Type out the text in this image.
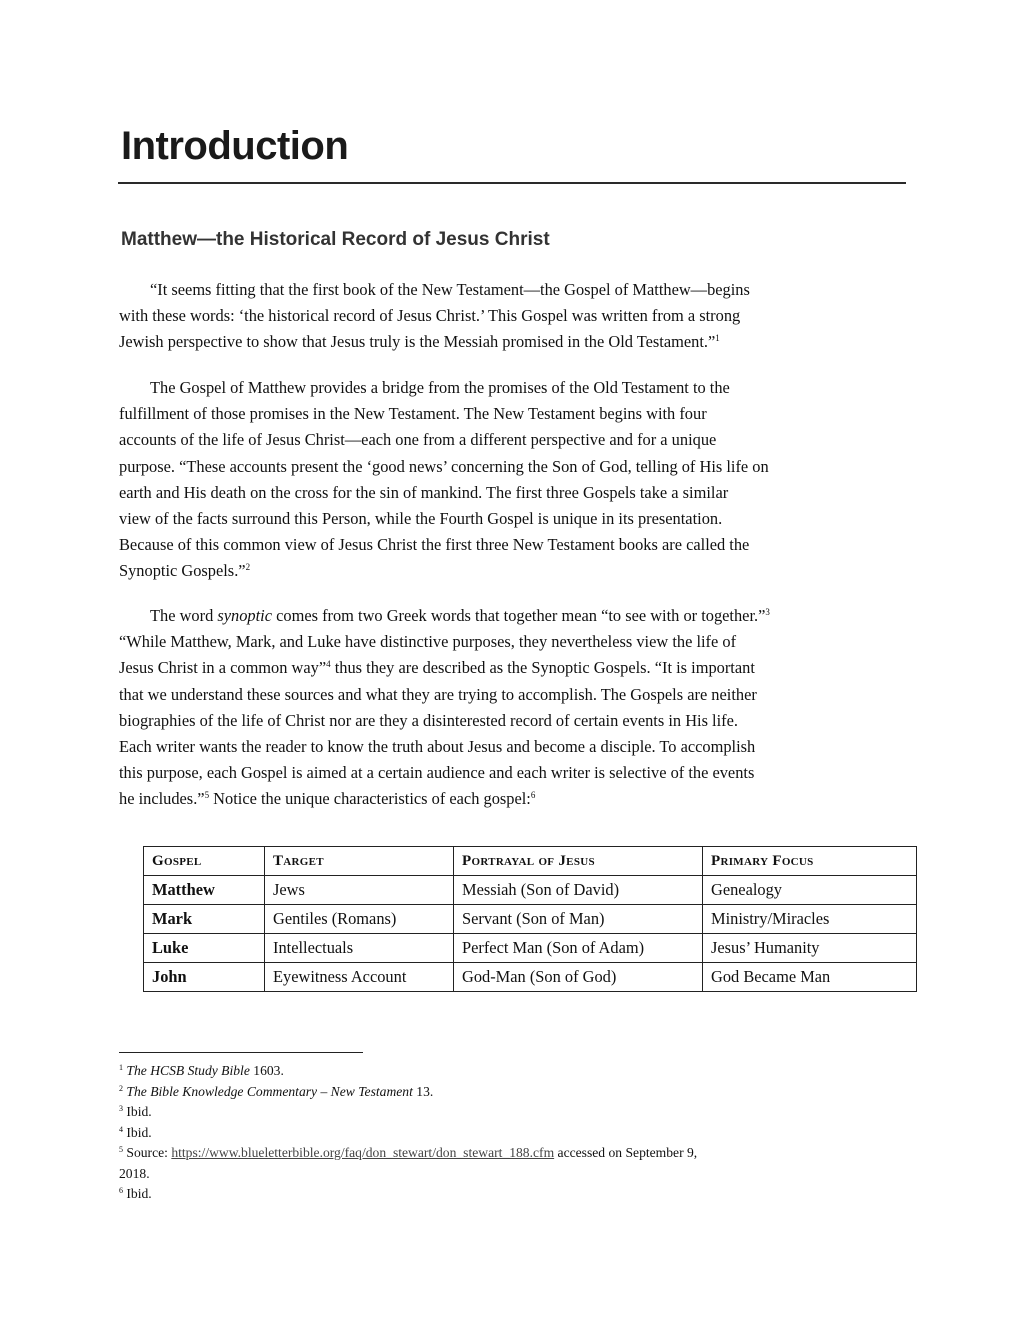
Introduction
Matthew—the Historical Record of Jesus Christ

“It seems fitting that the first book of the New Testament—the Gospel of Matthew—begins
with these words: ‘the historical record of Jesus Christ.’ This Gospel was written from a strong
Jewish perspective to show that Jesus truly is the Messiah promised in the Old Testament.”$^1$

The Gospel of Matthew provides a bridge from the promises of the Old Testament to the
fulfillment of those promises in the New Testament. The New Testament begins with four
accounts of the life of Jesus Christ—each one from a different perspective and for a unique
purpose. “These accounts present the ‘good news’ concerning the Son of God, telling of His life on
earth and His death on the cross for the sin of mankind. The first three Gospels take a similar
view of the facts surround this Person, while the Fourth Gospel is unique in its presentation.
Because of this common view of Jesus Christ the first three New Testament books are called the
Synoptic Gospels.”$^2$

The word synoptic comes from two Greek words that together mean “to see with or together.”$^3$
“While Matthew, Mark, and Luke have distinctive purposes, they nevertheless view the life of
Jesus Christ in a common way”$^4$ thus they are described as the Synoptic Gospels. “It is important
that we understand these sources and what they are trying to accomplish. The Gospels are neither
biographies of the life of Christ nor are they a disinterested record of certain events in His life.
Each writer wants the reader to know the truth about Jesus and become a disciple. To accomplish
this purpose, each Gospel is aimed at a certain audience and each writer is selective of the events
he includes.”$^5$ Notice the unique characteristics of each gospel:$^6$

Gospel	Target	Portrayal of Jesus	Primary Focus
Matthew	Jews	Messiah (Son of David)	Genealogy
Mark	Gentiles (Romans)	Servant (Son of Man)	Ministry/Miracles
Luke	Intellectuals	Perfect Man (Son of Adam)	Jesus’ Humanity
John	Eyewitness Account	God-Man (Son of God)	God Became Man
$^1$ The HCSB Study Bible 1603.
$^2$ The Bible Knowledge Commentary – New Testament 13.
$^3$ Ibid.
$^4$ Ibid.
$^5$ Source: https://www.blueletterbible.org/faq/don_stewart/don_stewart_188.cfm accessed on September 9,
2018.
$^6$ Ibid.
